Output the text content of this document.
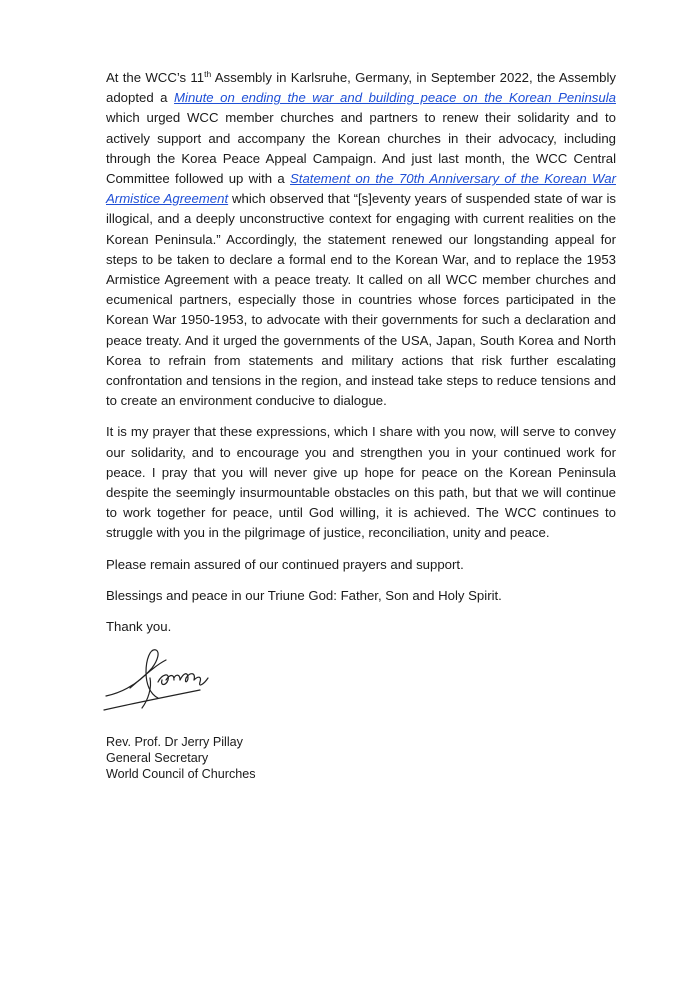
At the WCC’s 11th Assembly in Karlsruhe, Germany, in September 2022, the Assembly adopted a Minute on ending the war and building peace on the Korean Peninsula which urged WCC member churches and partners to renew their solidarity and to actively support and accompany the Korean churches in their advocacy, including through the Korea Peace Appeal Campaign. And just last month, the WCC Central Committee followed up with a Statement on the 70th Anniversary of the Korean War Armistice Agreement which observed that “[s]eventy years of suspended state of war is illogical, and a deeply unconstructive context for engaging with current realities on the Korean Peninsula.” Accordingly, the statement renewed our longstanding appeal for steps to be taken to declare a formal end to the Korean War, and to replace the 1953 Armistice Agreement with a peace treaty. It called on all WCC member churches and ecumenical partners, especially those in countries whose forces participated in the Korean War 1950-1953, to advocate with their governments for such a declaration and peace treaty. And it urged the governments of the USA, Japan, South Korea and North Korea to refrain from statements and military actions that risk further escalating confrontation and tensions in the region, and instead take steps to reduce tensions and to create an environment conducive to dialogue.

It is my prayer that these expressions, which I share with you now, will serve to convey our solidarity, and to encourage you and strengthen you in your continued work for peace. I pray that you will never give up hope for peace on the Korean Peninsula despite the seemingly insurmountable obstacles on this path, but that we will continue to work together for peace, until God willing, it is achieved. The WCC continues to struggle with you in the pilgrimage of justice, reconciliation, unity and peace.

Please remain assured of our continued prayers and support.

Blessings and peace in our Triune God: Father, Son and Holy Spirit.

Thank you.

Rev. Prof. Dr Jerry Pillay
General Secretary
World Council of Churches
